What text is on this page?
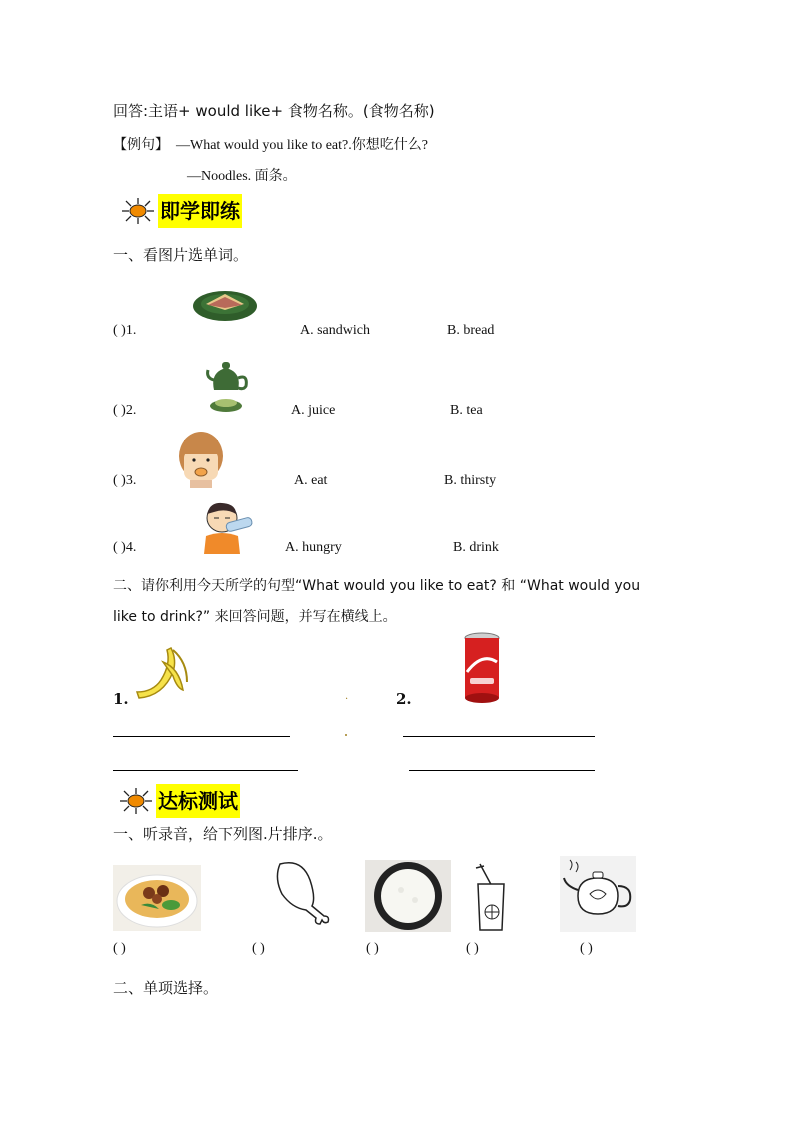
回答:主语+ would like+ 食物名称。(食物名称)
【例句】 —What would you like to eat?.你想吃什么?
—Noodles. 面条。
即学即练
一、看图片选单词。
( )1.	A. sandwich	B. bread
( )2.	A. juice	B. tea
( )3.	A. eat	B. thirsty
( )4.	A. hungry	B. drink
二、请你利用今天所学的句型“What would you like to eat? 和 “What would you
like to drink?” 来回答问题，并写在横线上。
1.	.	2.
达标测试
一、听录音，给下列图.片排序.。
( )	( )	( )	( )	( )
二、单项选择。
